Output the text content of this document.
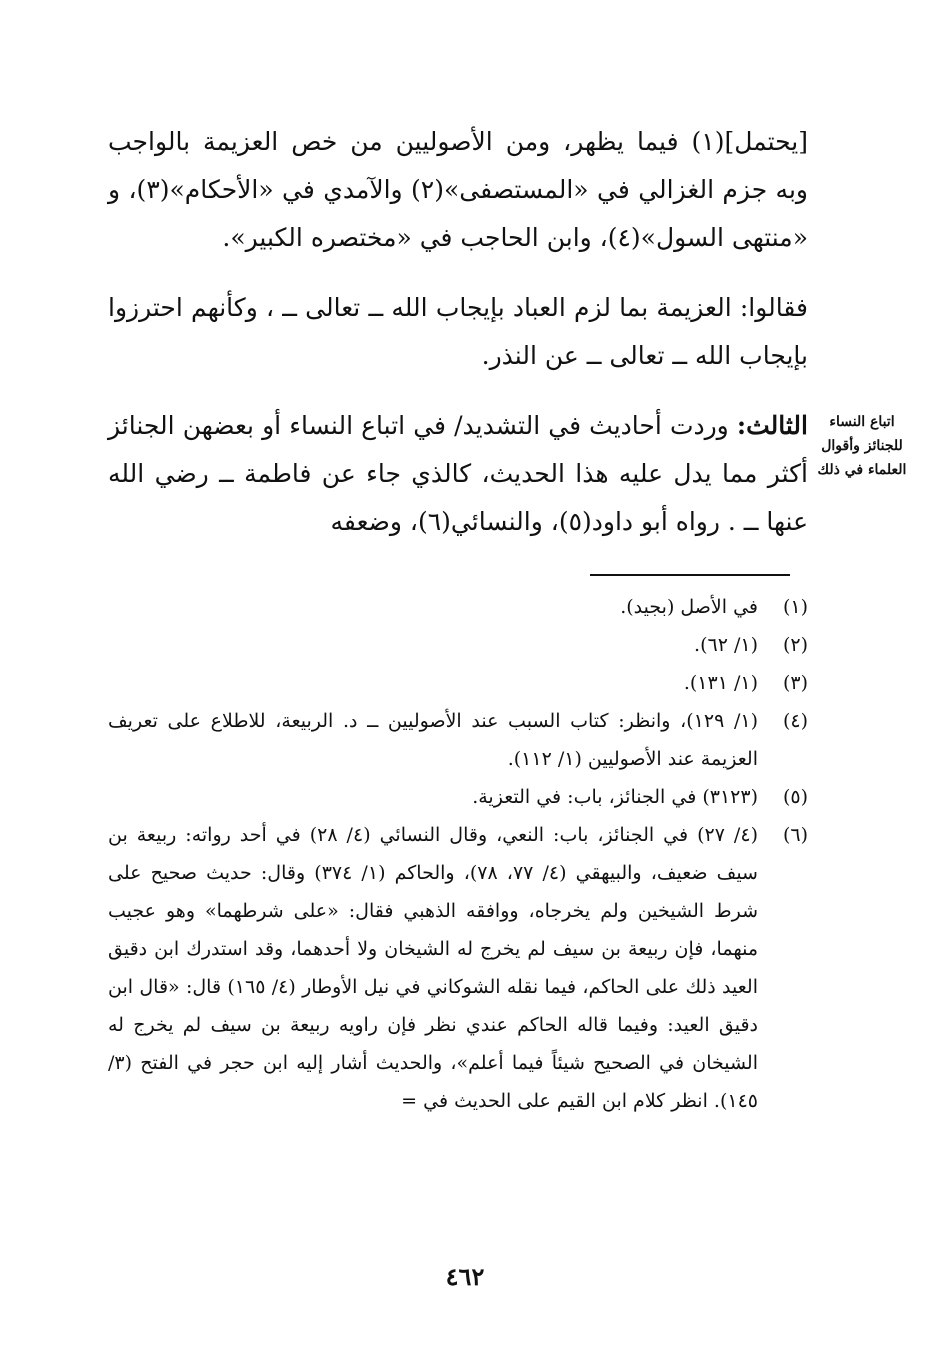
[يحتمل](١) فيما يظهر، ومن الأصوليين من خص العزيمة بالواجب وبه جزم الغزالي في «المستصفى»(٢) والآمدي في «الأحكام»(٣)، و «منتهى السول»(٤)، وابن الحاجب في «مختصره الكبير».

فقالوا: العزيمة بما لزم العباد بإيجاب الله ــ تعالى ــ ، وكأنهم احترزوا بإيجاب الله ــ تعالى ــ عن النذر.

الثالث: وردت أحاديث في التشديد/ في اتباع النساء أو بعضهن الجنائز أكثر مما يدل عليه هذا الحديث، كالذي جاء عن فاطمة ــ رضي الله عنها ــ . رواه أبو داود(٥)، والنسائي(٦)، وضعفه

اتباع النساء للجنائز وأقوال العلماء في ذلك
(١)
في الأصل (بجيد).
(٢)
(١/ ٦٢).
(٣)
(١/ ١٣١).
(٤)
(١/ ١٢٩)، وانظر: كتاب السبب عند الأصوليين ــ د. الربيعة، للاطلاع على تعريف العزيمة عند الأصوليين (١/ ١١٢).
(٥)
(٣١٢٣) في الجنائز، باب: في التعزية.
(٦)
(٤/ ٢٧) في الجنائز، باب: النعي، وقال النسائي (٤/ ٢٨) في أحد رواته: ربيعة بن سيف ضعيف، والبيهقي (٤/ ٧٧، ٧٨)، والحاكم (١/ ٣٧٤) وقال: حديث صحيح على شرط الشيخين ولم يخرجاه، ووافقه الذهبي فقال: «على شرطهما» وهو عجيب منهما، فإن ربيعة بن سيف لم يخرج له الشيخان ولا أحدهما، وقد استدرك ابن دقيق العيد ذلك على الحاكم، فيما نقله الشوكاني في نيل الأوطار (٤/ ١٦٥) قال: «قال ابن دقيق العيد: وفيما قاله الحاكم عندي نظر فإن راويه ربيعة بن سيف لم يخرج له الشيخان في الصحيح شيئاً فيما أعلم»، والحديث أشار إليه ابن حجر في الفتح (٣/ ١٤٥). انظر كلام ابن القيم على الحديث في =
٤٦٢
